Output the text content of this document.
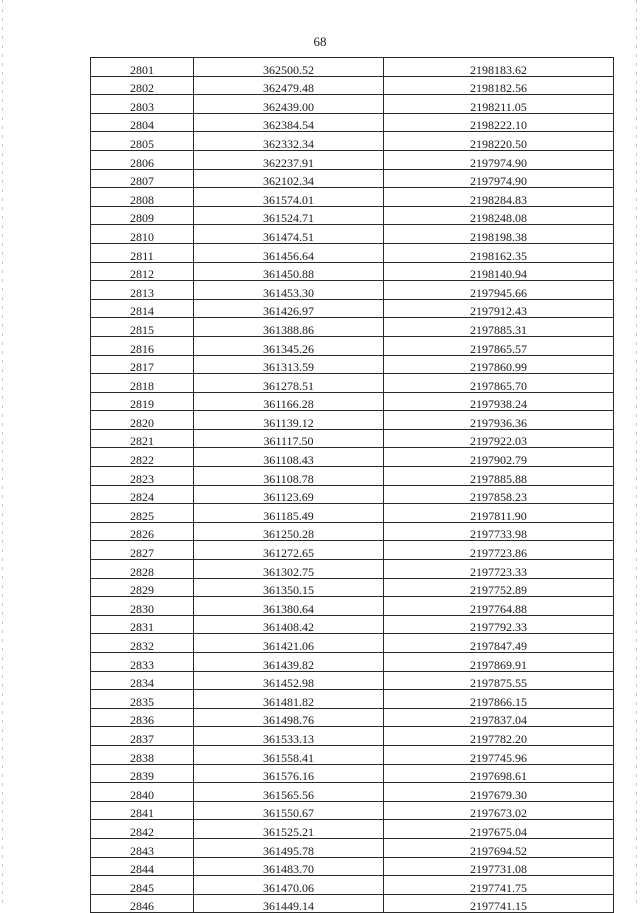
68
2801	362500.52	2198183.62
2802	362479.48	2198182.56
2803	362439.00	2198211.05
2804	362384.54	2198222.10
2805	362332.34	2198220.50
2806	362237.91	2197974.90
2807	362102.34	2197974.90
2808	361574.01	2198284.83
2809	361524.71	2198248.08
2810	361474.51	2198198.38
2811	361456.64	2198162.35
2812	361450.88	2198140.94
2813	361453.30	2197945.66
2814	361426.97	2197912.43
2815	361388.86	2197885.31
2816	361345.26	2197865.57
2817	361313.59	2197860.99
2818	361278.51	2197865.70
2819	361166.28	2197938.24
2820	361139.12	2197936.36
2821	361117.50	2197922.03
2822	361108.43	2197902.79
2823	361108.78	2197885.88
2824	361123.69	2197858.23
2825	361185.49	2197811.90
2826	361250.28	2197733.98
2827	361272.65	2197723.86
2828	361302.75	2197723.33
2829	361350.15	2197752.89
2830	361380.64	2197764.88
2831	361408.42	2197792.33
2832	361421.06	2197847.49
2833	361439.82	2197869.91
2834	361452.98	2197875.55
2835	361481.82	2197866.15
2836	361498.76	2197837.04
2837	361533.13	2197782.20
2838	361558.41	2197745.96
2839	361576.16	2197698.61
2840	361565.56	2197679.30
2841	361550.67	2197673.02
2842	361525.21	2197675.04
2843	361495.78	2197694.52
2844	361483.70	2197731.08
2845	361470.06	2197741.75
2846	361449.14	2197741.15
